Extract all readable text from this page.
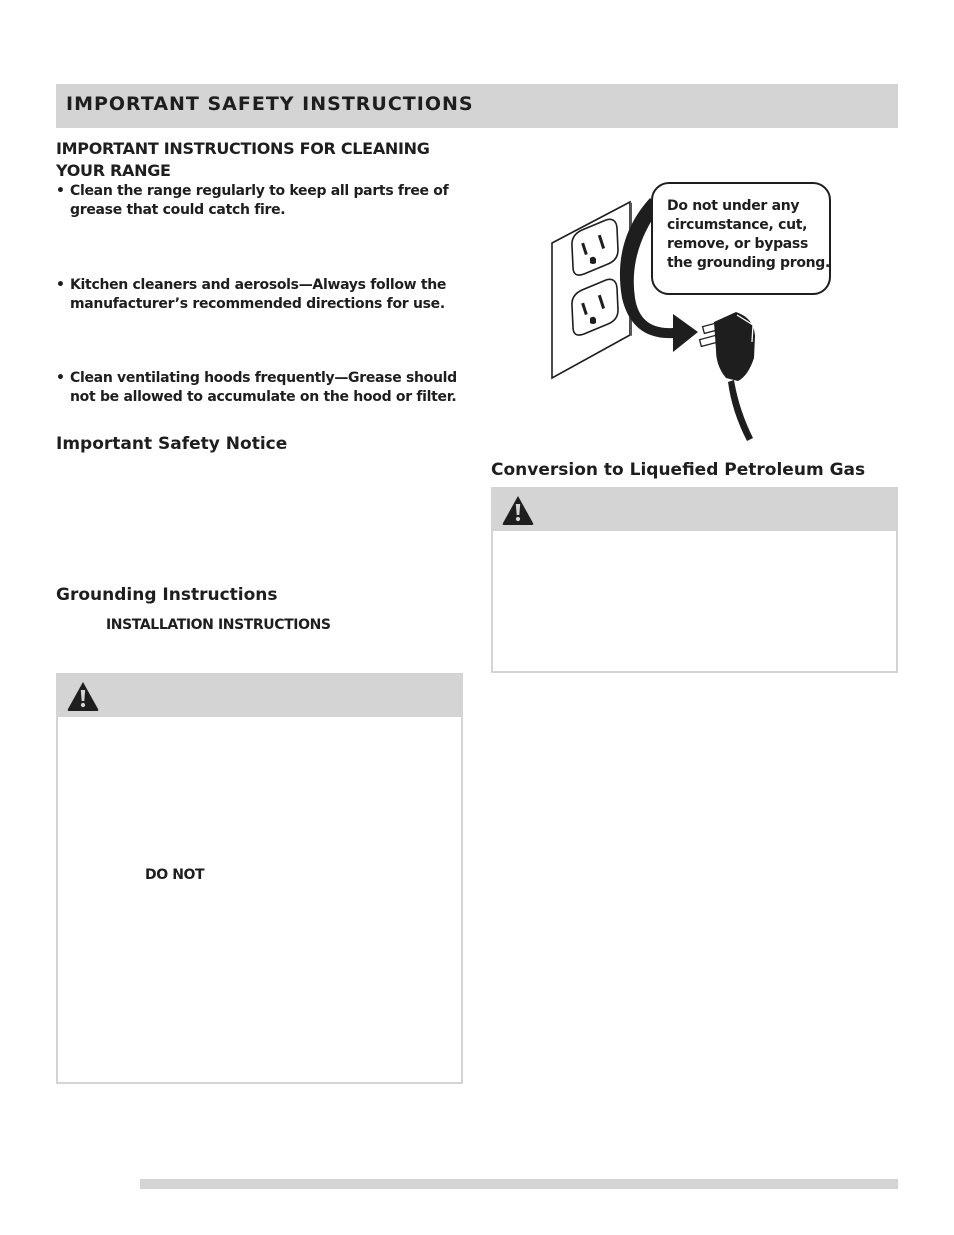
IMPORTANT SAFETY INSTRUCTIONS
IMPORTANT INSTRUCTIONS FOR CLEANING YOUR RANGE
• Clean the range regularly to keep all parts free of grease that could catch fire.
• Kitchen cleaners and aerosols—Always follow the manufacturer’s recommended directions for use.
• Clean ventilating hoods frequently—Grease should not be allowed to accumulate on the hood or filter.
Important Safety Notice
Grounding Instructions
INSTALLATION INSTRUCTIONS
DO NOT
Do not under any circumstance, cut, remove, or bypass the grounding prong.
Conversion to Liquefied Petroleum Gas
